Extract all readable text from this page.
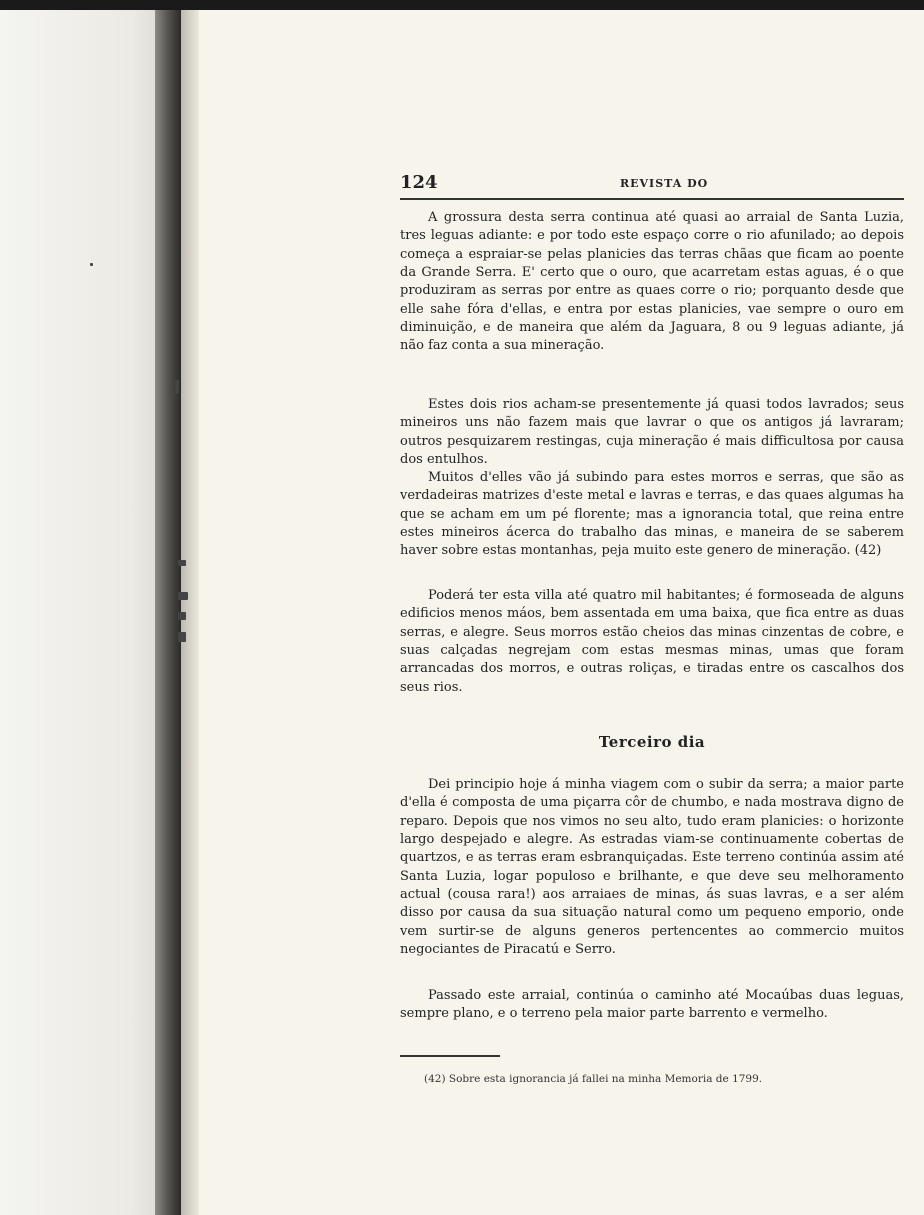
124	REVISTA DO

A grossura desta serra continua até quasi ao arraial de Santa Luzia, tres leguas adiante: e por todo este espaço corre o rio afunilado; ao depois começa a espraiar-se pelas planicies das terras chãas que ficam ao poente da Grande Serra. E' certo que o ouro, que acarretam estas aguas, é o que produziram as serras por entre as quaes corre o rio; porquanto desde que elle sahe fóra d'ellas, e entra por estas planicies, vae sempre o ouro em diminuição, e de maneira que além da Jaguara, 8 ou 9 leguas adiante, já não faz conta a sua mineração.

Estes dois rios acham-se presentemente já quasi todos lavrados; seus mineiros uns não fazem mais que lavrar o que os antigos já lavraram; outros pesquizarem restingas, cuja mineração é mais difficultosa por causa dos entulhos.

Muitos d'elles vão já subindo para estes morros e serras, que são as verdadeiras matrizes d'este metal e lavras e terras, e das quaes algumas ha que se acham em um pé florente; mas a ignorancia total, que reina entre estes mineiros ácerca do trabalho das minas, e maneira de se saberem haver sobre estas montanhas, peja muito este genero de mineração. (42)

Poderá ter esta villa até quatro mil habitantes; é formoseada de alguns edificios menos máos, bem assentada em uma baixa, que fica entre as duas serras, e alegre. Seus morros estão cheios das minas cinzentas de cobre, e suas calçadas negrejam com estas mesmas minas, umas que foram arrancadas dos morros, e outras roliças, e tiradas entre os cascalhos dos seus rios.

Terceiro dia

Dei principio hoje á minha viagem com o subir da serra; a maior parte d'ella é composta de uma piçarra côr de chumbo, e nada mostrava digno de reparo. Depois que nos vimos no seu alto, tudo eram planicies: o horizonte largo despejado e alegre. As estradas viam-se continuamente cobertas de quartzos, e as terras eram esbranquiçadas. Este terreno continúa assim até Santa Luzia, logar populoso e brilhante, e que deve seu melhoramento actual (cousa rara!) aos arraiaes de minas, ás suas lavras, e a ser além disso por causa da sua situação natural como um pequeno emporio, onde vem surtir-se de alguns generos pertencentes ao commercio muitos negociantes de Piracatú e Serro.

Passado este arraial, continúa o caminho até Mocaúbas duas leguas, sempre plano, e o terreno pela maior parte barrento e vermelho.

(42) Sobre esta ignorancia já fallei na minha Memoria de 1799.
